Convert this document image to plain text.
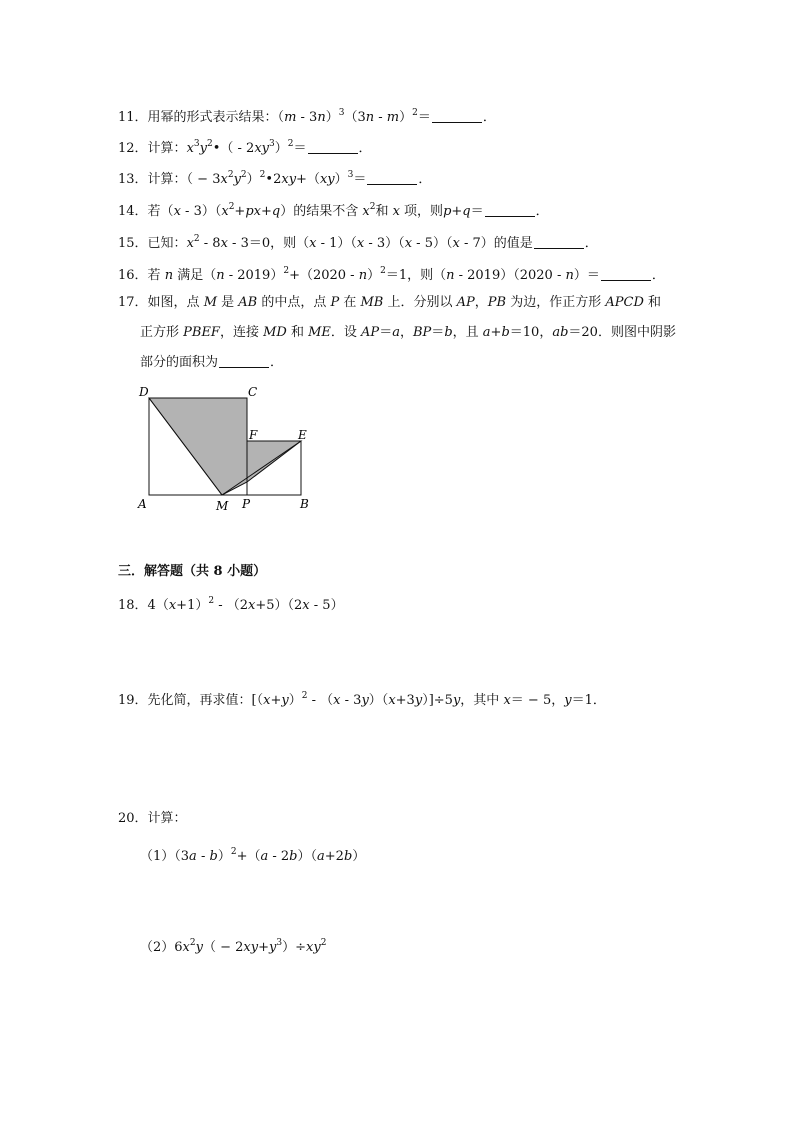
11．用幂的形式表示结果：（m - 3n）$^3$（3n - m）$^2$＝	．
12．计算：$x^3y^2•( - 2xy^3)^2=$	．
13．计算：（ − $3x^2y^2)^2•2xy+(xy)^3=$	．
14．若$(x - 3)(x^2+px+q)$的结果不含 $x^2$和 x 项，则p+q＝	．
15．已知：$x^2 - 8x - 3=0$，则（x - 1）（x - 3）（x - 5）（x - 7）的值是	．
16．若 n 满足（n - 2019）$^2$+（2020 - n）$^2$＝1，则（n - 2019）（2020 - n）＝	．
17．如图，点 M 是 AB 的中点，点 P 在 MB 上．分别以 AP，PB 为边，作正方形 APCD 和
正方形 PBEF，连接 MD 和 ME．设 AP＝a，BP＝b，且 a+b＝10，ab＝20．则图中阴影
部分的面积为	．
D	C
F	E
A	M P	B
三．解答题（共 8 小题）
18．$4(x+1)^2 - (2x+5)(2x - 5)$
19．先化简，再求值：$[(x+y)^2 - (x - 3y)(x+3y)]\div 5y$，其中 x＝ − 5，y＝1．
20．计算：
（1）（3a - b）$^2$+（a - 2b）（a+2b）
$(2)6x^2y( - 2xy+y^3)\div xy^2$
